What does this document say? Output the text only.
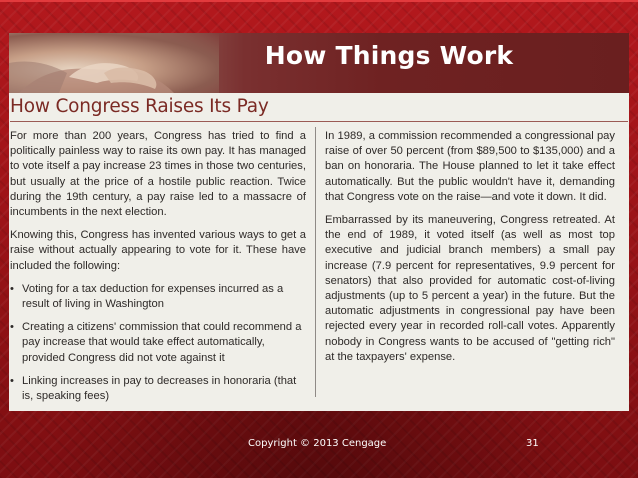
How Things Work
How Congress Raises Its Pay

For more than 200 years, Congress has tried to find a politically painless way to raise its own pay. It has managed to vote itself a pay increase 23 times in those two centuries, but usually at the price of a hostile public reaction. Twice during the 19th century, a pay raise led to a massacre of incumbents in the next election.

Knowing this, Congress has invented various ways to get a raise without actually appearing to vote for it. These have included the following:

• Voting for a tax deduction for expenses incurred as a result of living in Washington
• Creating a citizens' commission that could recommend a pay increase that would take effect automatically, provided Congress did not vote against it
• Linking increases in pay to decreases in honoraria (that is, speaking fees)

In 1989, a commission recommended a congressional pay raise of over 50 percent (from $89,500 to $135,000) and a ban on honoraria. The House planned to let it take effect automatically. But the public wouldn't have it, demanding that Congress vote on the raise—and vote it down. It did.

Embarrassed by its maneuvering, Congress retreated. At the end of 1989, it voted itself (as well as most top executive and judicial branch members) a small pay increase (7.9 percent for representatives, 9.9 percent for senators) that also provided for automatic cost-of-living adjustments (up to 5 percent a year) in the future. But the automatic adjustments in congressional pay have been rejected every year in recorded roll-call votes. Apparently nobody in Congress wants to be accused of "getting rich" at the taxpayers' expense.

Copyright © 2013 Cengage	31
